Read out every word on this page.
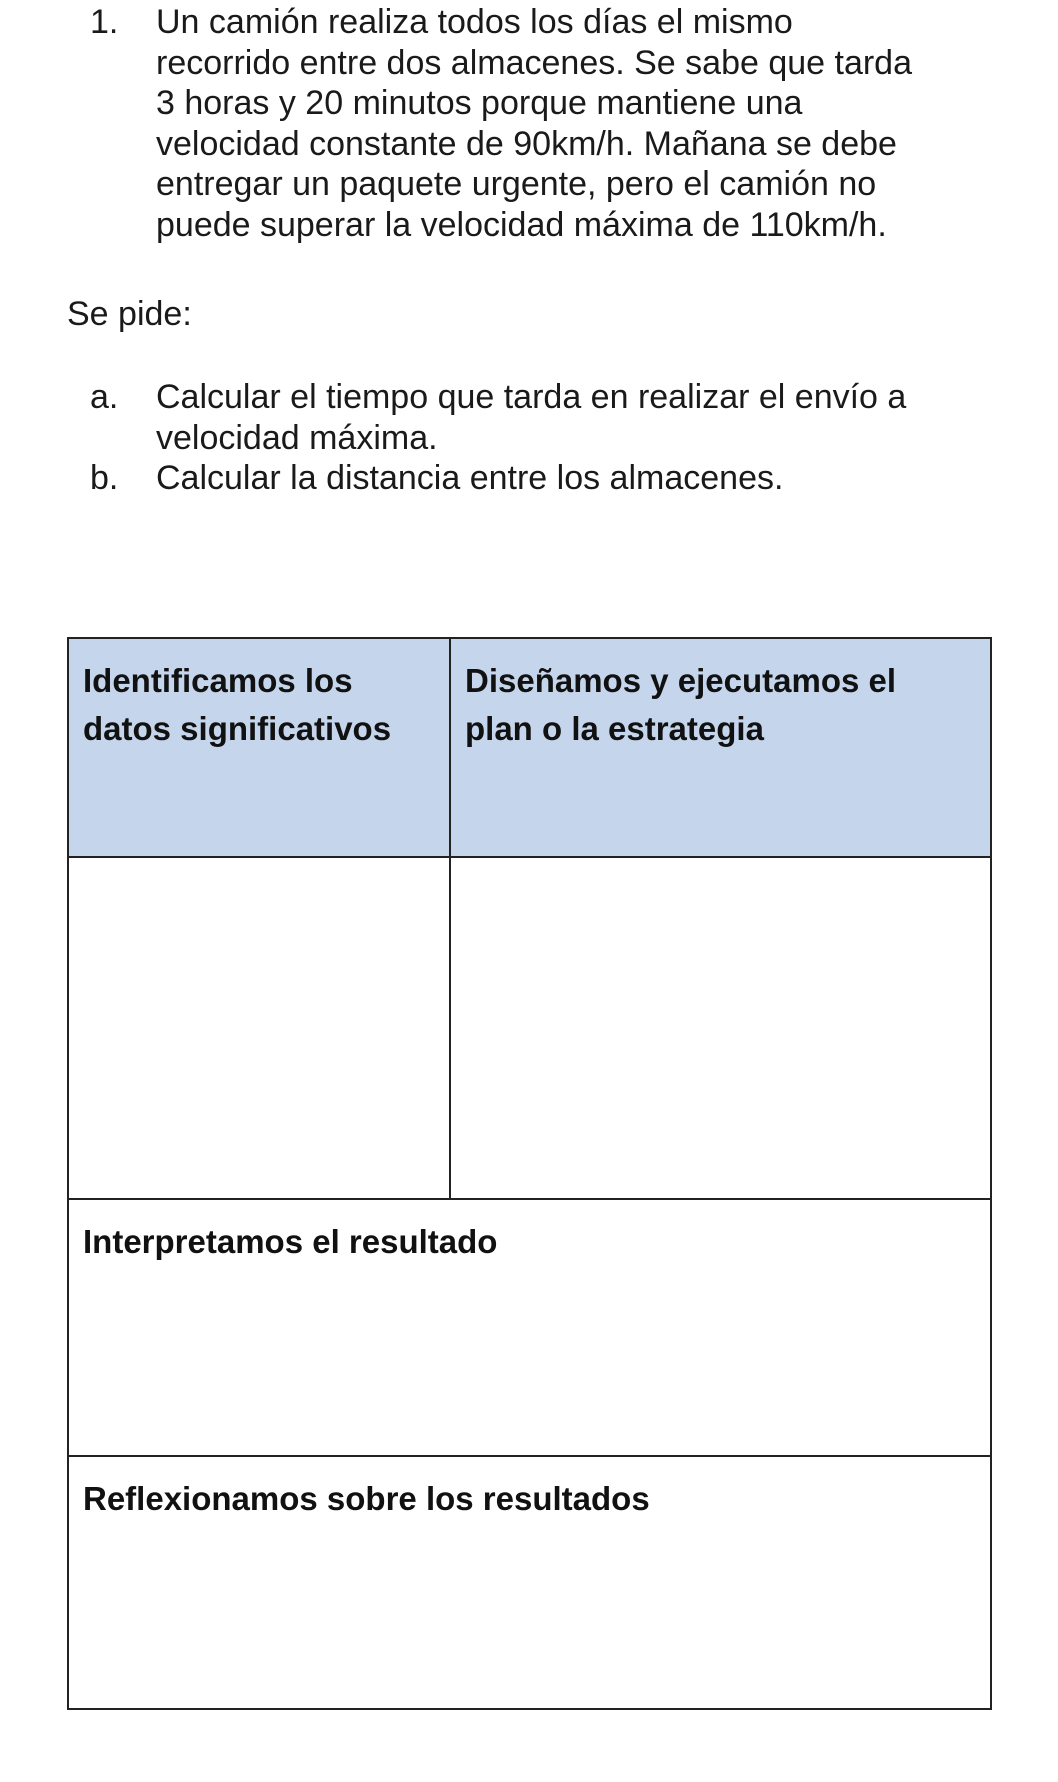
1. Un camión realiza todos los días el mismo
recorrido entre dos almacenes. Se sabe que tarda
3 horas y 20 minutos porque mantiene una
velocidad constante de 90km/h. Mañana se debe
entregar un paquete urgente, pero el camión no
puede superar la velocidad máxima de 110km/h.
Se pide:
a. Calcular el tiempo que tarda en realizar el envío a
velocidad máxima.
b. Calcular la distancia entre los almacenes.
Identificamos los
datos significativos
Diseñamos y ejecutamos el
plan o la estrategia
Interpretamos el resultado
Reflexionamos sobre los resultados
